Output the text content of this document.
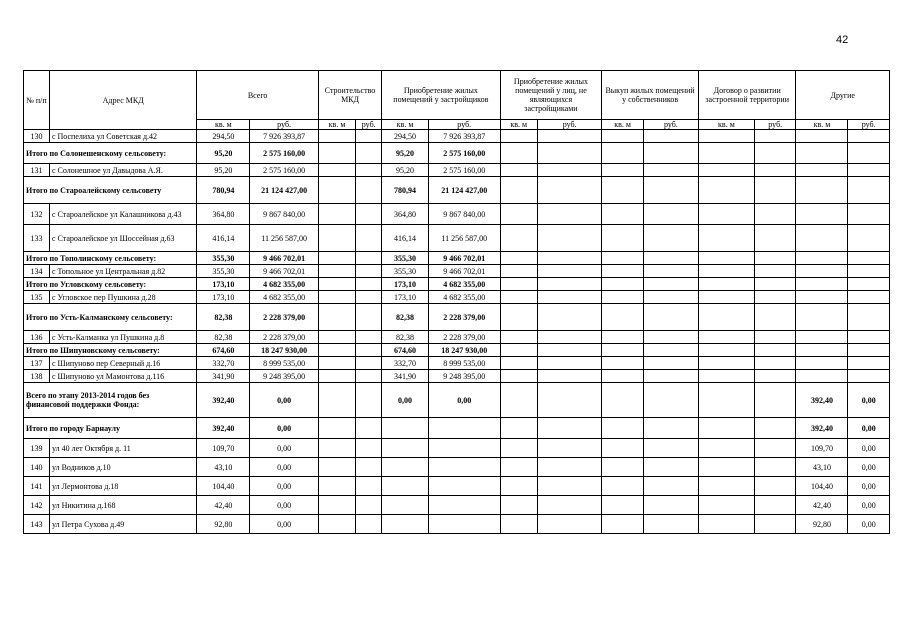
42
№ п/п	Адрес МКД	Всего		Строительство МКД		Приобретение жилых помещений у застройщиков		Приобретение жилых помещений у лиц, не являющихся застройщиками		Выкуп жилых помещений у собственников		Договор о развитии застроенной территории		Другие	
		кв. м	руб.	кв. м	руб.	кв. м	руб.	кв. м	руб.	кв. м	руб.	кв. м	руб.	кв. м	руб.
130	с Поспелиха ул Советская д.42	294,50	7 926 393,87			294,50	7 926 393,87								
Итого по Солонешенскому сельсовету:		95,20	2 575 160,00			95,20	2 575 160,00								
131	с Солонешное ул Давыдова А.Я.	95,20	2 575 160,00			95,20	2 575 160,00								
Итого по Староалейскому сельсовету		780,94	21 124 427,00			780,94	21 124 427,00								
132	с Староалейское ул Калашникова д.43	364,80	9 867 840,00			364,80	9 867 840,00								
133	с Староалейское ул Шоссейная д.63	416,14	11 256 587,00			416,14	11 256 587,00								
Итого по Тополинскому сельсовету:		355,30	9 466 702,01			355,30	9 466 702,01								
134	с Топольное ул Центральная д.82	355,30	9 466 702,01			355,30	9 466 702,01								
Итого по Угловскому сельсовету:		173,10	4 682 355,00			173,10	4 682 355,00								
135	с Угловское пер Пушкина д.28	173,10	4 682 355,00			173,10	4 682 355,00								
Итого по Усть-Калманскому сельсовету:		82,38	2 228 379,00			82,38	2 228 379,00								
136	с Усть-Калманка ул Пушкина д.8	82,38	2 228 379,00			82,38	2 228 379,00								
Итого по Шипуновскому сельсовету:		674,60	18 247 930,00			674,60	18 247 930,00								
137	с Шипуново пер Северный д.16	332,70	8 999 535,00			332,70	8 999 535,00								
138	с Шипуново ул Мамонтова д.116	341,90	9 248 395,00			341,90	9 248 395,00								
Всего по этапу 2013-2014 годов без финансовой поддержки Фонда:		392,40	0,00			0,00	0,00							392,40	0,00
Итого по городу Барнаулу		392,40	0,00											392,40	0,00
139	ул 40 лет Октября д. 11	109,70	0,00											109,70	0,00
140	ул Водников д.10	43,10	0,00											43,10	0,00
141	ул Лермонтова д.18	104,40	0,00											104,40	0,00
142	ул Никитина д.168	42,40	0,00											42,40	0,00
143	ул Петра Сухова д.49	92,80	0,00											92,80	0,00
